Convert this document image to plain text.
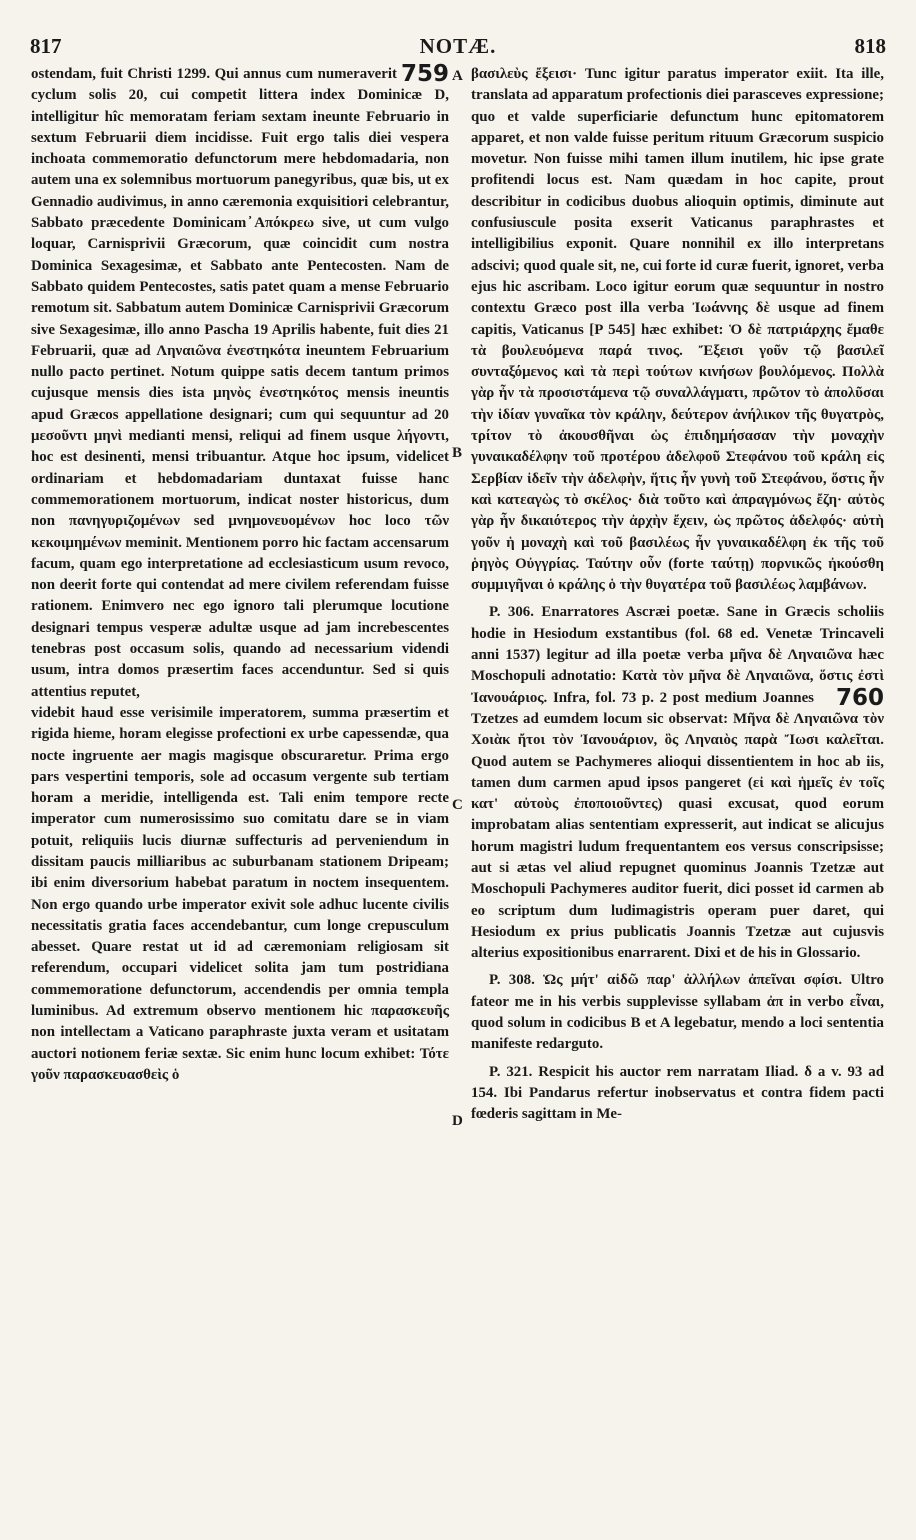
817	NOTÆ.	818
A
B
C
D

759
ostendam, fuit Christi 1299. Qui annus cum numeraverit cyclum solis 20, cui competit littera index Dominicæ D, intelligitur hîc memoratam feriam sextam ineunte Februario in sextum Februarii diem incidisse. Fuit ergo talis diei vespera inchoata commemoratio defunctorum mere hebdomadaria, non autem una ex solemnibus mortuorum panegyribus, quæ bis, ut ex Gennadio audivimus, in anno cæremonia exquisitiori celebrantur, Sabbato præcedente Dominicam ̓Απόκρεω sive, ut cum vulgo loquar, Carnisprivii Græcorum, quæ coincidit cum nostra Dominica Sexagesimæ, et Sabbato ante Pentecosten. Nam de Sabbato quidem Pentecostes, satis patet quam a mense Februario remotum sit. Sabbatum autem Dominicæ Carnisprivii Græcorum sive Sexagesimæ, illo anno Pascha 19 Aprilis habente, fuit dies 21 Februarii, quæ ad Ληναιῶνα ἐνεστηκότα ineuntem Februarium nullo pacto pertinet. Notum quippe satis decem tantum primos cujusque mensis dies ista μηνὸς ἐνεστηκότος mensis ineuntis apud Græcos appellatione designari; cum qui sequuntur ad 20 μεσοῦντι μηνὶ medianti mensi, reliqui ad finem usque λήγοντι, hoc est desinenti, mensi tribuantur. Atque hoc ipsum, videlicet ordinariam et hebdomadariam duntaxat fuisse hanc commemorationem mortuorum, indicat noster historicus, dum non πανηγυριζομένων sed μνημονευομένων hoc loco τῶν κεκοιμημένων meminit. Mentionem porro hic factam accensarum facum, quam ego interpretatione ad ecclesiasticum usum revoco, non deerit forte qui contendat ad mere civilem referendam fuisse rationem. Enimvero nec ego ignoro tali plerumque locutione designari tempus vesperæ adultæ usque ad jam increbescentes tenebras post occasum solis, quando ad necessarium videndi usum, intra domos præsertim faces accenduntur. Sed si quis attentius reputet,

videbit haud esse verisimile imperatorem, summa præsertim et rigida hieme, horam elegisse profectioni ex urbe capessendæ, qua nocte ingruente aer magis magisque obscuraretur. Prima ergo pars vespertini temporis, sole ad occasum vergente sub tertiam horam a meridie, intelligenda est. Tali enim tempore recte imperator cum numerosissimo suo comitatu dare se in viam potuit, reliquiis lucis diurnæ suffecturis ad perveniendum in dissitam paucis milliaribus ac suburbanam stationem Dripeam; ibi enim diversorium habebat paratum in noctem insequentem. Non ergo quando urbe imperator exivit sole adhuc lucente civilis necessitatis gratia faces accendebantur, cum longe crepusculum abesset. Quare restat ut id ad cæremoniam religiosam sit referendum, occupari videlicet solita jam tum postridiana commemoratione defunctorum, accendendis per omnia templa luminibus. Ad extremum observo mentionem hic παρασκευῆς non intellectam a Vaticano paraphraste juxta veram et usitatam auctori notionem feriæ sextæ. Sic enim hunc locum exhibet: Τότε γοῦν παρασκευασθεὶς ὁ

βασιλεὺς ἔξεισι· Tunc igitur paratus imperator exiit. Ita ille, translata ad apparatum profectionis diei parasceves expressione; quo et valde superficiarie defunctum hunc epitomatorem apparet, et non valde fuisse peritum rituum Græcorum suspicio movetur. Non fuisse mihi tamen illum inutilem, hic ipse grate profitendi locus est. Nam quædam in hoc capite, prout describitur in codicibus duobus alioquin optimis, diminute aut confusiuscule posita exserit Vaticanus paraphrastes et intelligibilius exponit. Quare nonnihil ex illo interpretans adscivi; quod quale sit, ne, cui forte id curæ fuerit, ignoret, verba ejus hic ascribam. Loco igitur eorum quæ sequuntur in nostro contextu Græco post illa verba Ἰωάννης δὲ usque ad finem capitis, Vaticanus [P 545] hæc exhibet: Ὁ δὲ πατριάρχης ἔμαθε τὰ βουλευόμενα παρά τινος. Ἔξεισι γοῦν τῷ βασιλεῖ συνταξόμενος καὶ τὰ περὶ τούτων κινήσων βουλόμενος. Πολλὰ γὰρ ἦν τὰ προσιστάμενα τῷ συναλλάγματι, πρῶτον τὸ ἀπολῦσαι τὴν ἰδίαν γυναῖκα τὸν κράλην, δεύτερον ἀνήλικον τῆς θυγατρὸς, τρίτον τὸ ἀκουσθῆναι ὡς ἐπιδημήσασαν τὴν μοναχὴν γυναικαδέλφην τοῦ προτέρου ἀδελφοῦ Στεφάνου τοῦ κράλη εἰς Σερβίαν ἰδεῖν τὴν ἀδελφὴν, ἥτις ἦν γυνὴ τοῦ Στεφάνου, ὅστις ἦν καὶ κατεαγὼς τὸ σκέλος· διὰ τοῦτο καὶ ἀπραγμόνως ἔζη· αὐτὸς γὰρ ἦν δικαιότερος τὴν ἀρχὴν ἔχειν, ὡς πρῶτος ἀδελφός· αὐτὴ γοῦν ἡ μοναχὴ καὶ τοῦ βασιλέως ἦν γυναικαδέλφη ἐκ τῆς τοῦ ῥηγὸς Οὐγγρίας. Ταύτην οὖν (forte ταύτῃ) πορνικῶς ἠκούσθη συμμιγῆναι ὁ κράλης ὁ τὴν θυγατέρα τοῦ βασιλέως λαμβάνων.

P. 306. Enarratores Ascræi poetæ. Sane in Græcis scholiis hodie in Hesiodum exstantibus (fol. 68 ed. Venetæ Trincaveli anni 1537) legitur ad illa poetæ verba μῆνα δὲ Ληναιῶνα hæc Moschopuli adnotatio: Κατὰ τὸν μῆνα δὲ Ληναιῶνα, ὅστις
760
ἐστὶ Ἰανουάριος. Infra, fol. 73 p. 2 post medium Joannes Tzetzes ad eumdem locum sic observat: Μῆνα δὲ Ληναιῶνα τὸν Χοιὰκ ἤτοι τὸν Ἰανουάριον, ὃς Ληναιὸς παρὰ Ἴωσι καλεῖται. Quod autem se Pachymeres alioqui dissentientem in hoc ab iis, tamen dum carmen apud ipsos pangeret (εἰ καὶ ἡμεῖς ἐν τοῖς κατ' αὐτοὺς ἐποποιοῦντες) quasi excusat, quod eorum improbatam alias sententiam expresserit, aut indicat se alicujus horum magistri ludum frequentantem eos versus conscripsisse; aut si ætas vel aliud repugnet quominus Joannis Tzetzæ aut Moschopuli Pachymeres auditor fuerit, dici posset id carmen ab eo scriptum dum ludimagistris operam puer daret, qui Hesiodum ex prius publicatis Joannis Tzetzæ aut cujusvis alterius expositionibus enarrarent. Dixi et de his in Glossario.

P. 308. Ὡς μήτ' αἰδῶ παρ' ἀλλήλων ἀπεῖναι σφίσι. Ultro fateor me in his verbis supplevisse syllabam ἀπ in verbo εἶναι, quod solum in codicibus B et A legebatur, mendo a loci sententia manifeste redarguto.

P. 321. Respicit his auctor rem narratam Iliad. δ a v. 93 ad 154. Ibi Pandarus refertur inobservatus et contra fidem pacti fœderis sagittam in Me-
